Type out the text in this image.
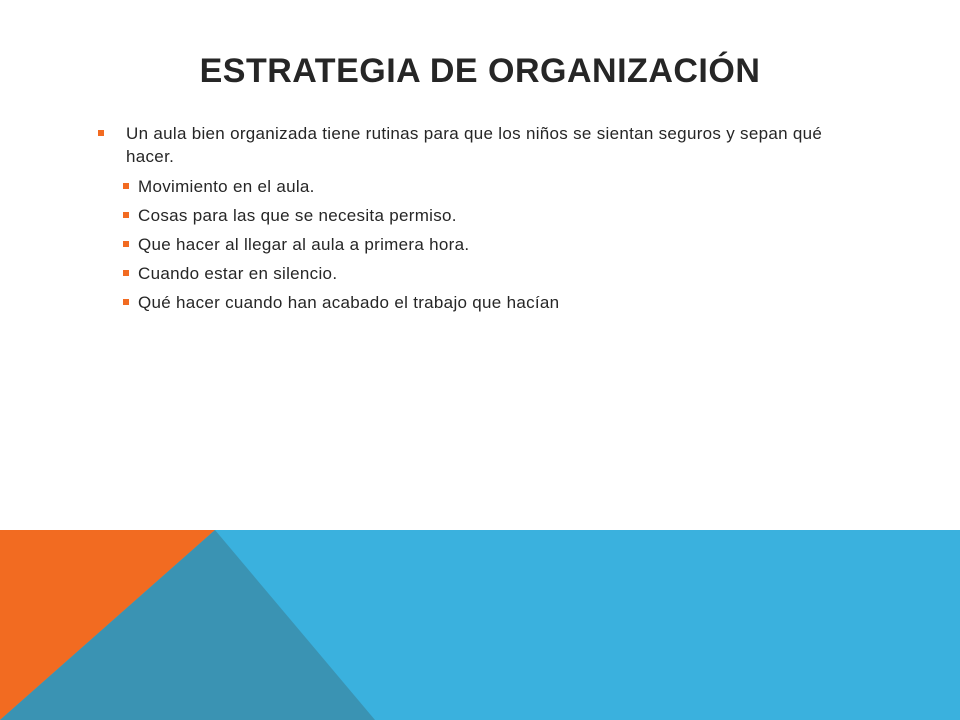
ESTRATEGIA DE ORGANIZACIÓN
Un aula bien organizada tiene rutinas para que los niños se sientan seguros y sepan qué hacer.
Movimiento en el aula.
Cosas para las que se necesita permiso.
Que hacer al llegar al aula a primera hora.
Cuando estar en silencio.
Qué hacer cuando han acabado el trabajo que hacían
